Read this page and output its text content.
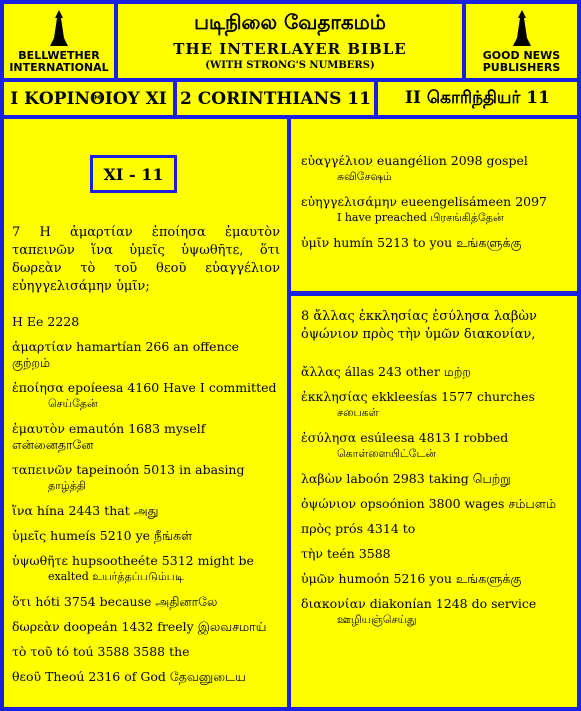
BELLWETHER INTERNATIONAL
படிநிலை வேதாகமம்
THE INTERLAYER BIBLE
(WITH STRONG'S NUMBERS)
GOOD NEWS PUBLISHERS
Ι ΚΟΡΙΝΘΙΟΥ XI 2 CORINTHIANS 11	II கொரிந்தியர் 11
XI - 11
7 Η ἁμαρτίαν ἐποίησα ἐμαυτὸν ταπεινῶν ἵνα ὑμεῖς ὑψωθῆτε, ὅτι δωρεὰν τὸ τοῦ θεοῦ εὐαγγέλιον εὐηγγελισάμην ὑμῖν;
Η Ee 2228
ἁμαρτίαν hamartían 266 an offence குற்றம்
ἐποίησα epoíeesa 4160 Have I committed
செய்தேன்
ἐμαυτὸν emautón 1683 myself என்னைதானே
ταπεινῶν tapeinoón 5013 in abasing
தாழ்த்தி
ἵνα hína 2443 that அது
ὑμεῖς humeís 5210 ye நீங்கள்
ὑψωθῆτε hupsootheéte 5312 might be
exalted உயர்த்தப்படும்படி
ὅτι hóti 3754 because அதினாலே
δωρεὰν doореán 1432 freely இலவசமாய்
τὸ τοῦ tó toú 3588 3588 the
θεοῦ Theoú 2316 of God தேவனுடைய
εὐαγγέλιον euangélion 2098 gospel
சுவிசேஷம்
εὐηγγελισάμην eueengelisámeen 2097
I have preached பிரசங்கித்தேன்
ὑμῖν humín 5213 to you உங்களுக்கு
8 ἄλλας ἐκκλησίας ἐσύλησα λαβὼν ὀψώνιον πρὸς τὴν ὑμῶν διακονίαν,
ἄλλας állas 243 other மற்ற
ἐκκλησίας ekkleesías 1577 churches
சபைகள்
ἐσύλησα esúleesa 4813 I robbed
கொள்ளையிட்டேன்
λαβὼν laboón 2983 taking பெற்று
ὀψώνιον opsoónion 3800 wages சம்பளம்
πρὸς prós 4314 to
τὴν teén 3588
ὑμῶν humoón 5216 you உங்களுக்கு
διακονίαν diakonían 1248 do service
ஊழியஞ்செய்து
